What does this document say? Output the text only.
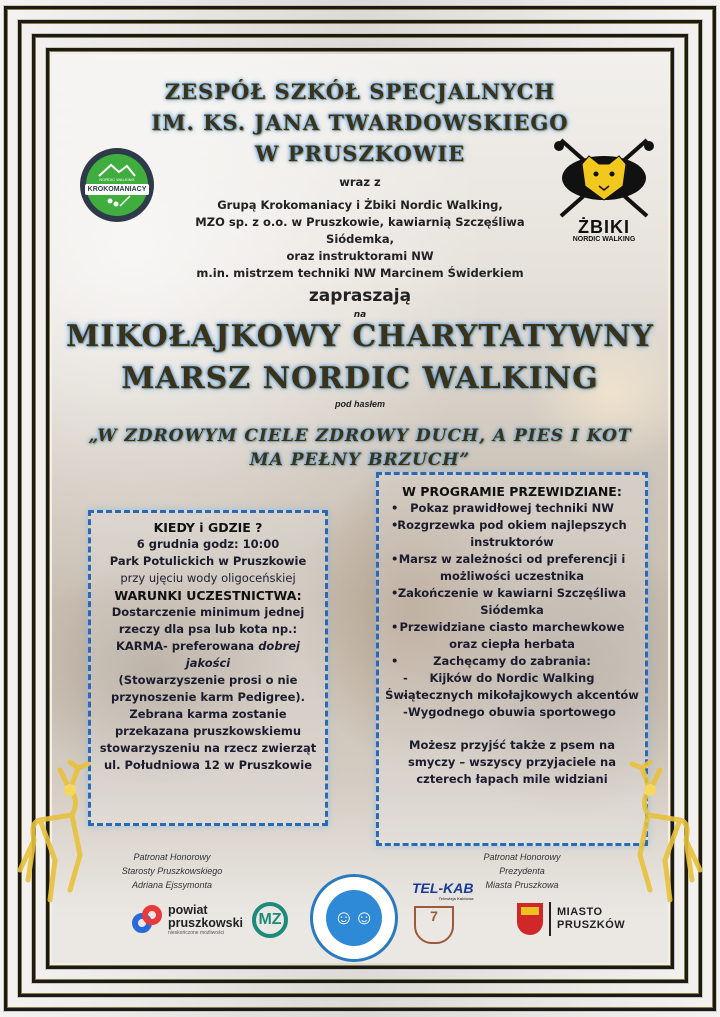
ZESPÓŁ SZKÓŁ SPECJALNYCH
IM. KS. JANA TWARDOWSKIEGO
W PRUSZKOWIE
NORDIC WALKING
KROKOMANIACY
ŻBIKI
NORDIC WALKING
wraz z
Grupą Krokomaniacy i Żbiki Nordic Walking,
MZO sp. z o.o. w Pruszkowie, kawiarnią Szczęśliwa Siódemka,
oraz instruktorami NW
m.in. mistrzem techniki NW Marcinem Świderkiem
zapraszają
na
MIKOŁAJKOWY CHARYTATYWNY
MARSZ NORDIC WALKING
pod hasłem
„W ZDROWYM CIELE ZDROWY DUCH, A PIES I KOT MA PEŁNY BRZUCH”
KIEDY i GDZIE ?
6 grudnia godz: 10:00
Park Potulickich w Pruszkowie
przy ujęciu wody oligoceńskiej
WARUNKI UCZESTNICTWA:
Dostarczenie minimum jednej rzeczy dla psa lub kota np.: KARMA- preferowana dobrej jakości
(Stowarzyszenie prosi o nie przynoszenie karm Pedigree).
Zebrana karma zostanie przekazana pruszkowskiemu stowarzyszeniu na rzecz zwierząt ul. Południowa 12 w Pruszkowie
W PROGRAMIE PRZEWIDZIANE:
• Pokaz prawidłowej techniki NW
• Rozgrzewka pod okiem najlepszych instruktorów
• Marsz w zależności od preferencji i możliwości uczestnika
• Zakończenie w kawiarni Szczęśliwa Siódemka
• Przewidziane ciasto marchewkowe oraz ciepła herbata
• Zachęcamy do zabrania:
- Kijków do Nordic Walking
- Świątecznych mikołajkowych akcentów
- Wygodnego obuwia sportowego
Możesz przyjść także z psem na smyczy – wszyscy przyjaciele na czterech łapach mile widziani
Patronat Honorowy
Starosty Pruszkowskiego
Adriana Ejssymonta
Patronat Honorowy
Prezydenta
Miasta Pruszkowa
powiat
pruszkowski
nieskończone możliwości
MZ	☺☺
TEL-KAB
Telewizja Kablowa
7	MIASTO
PRUSZKÓW
